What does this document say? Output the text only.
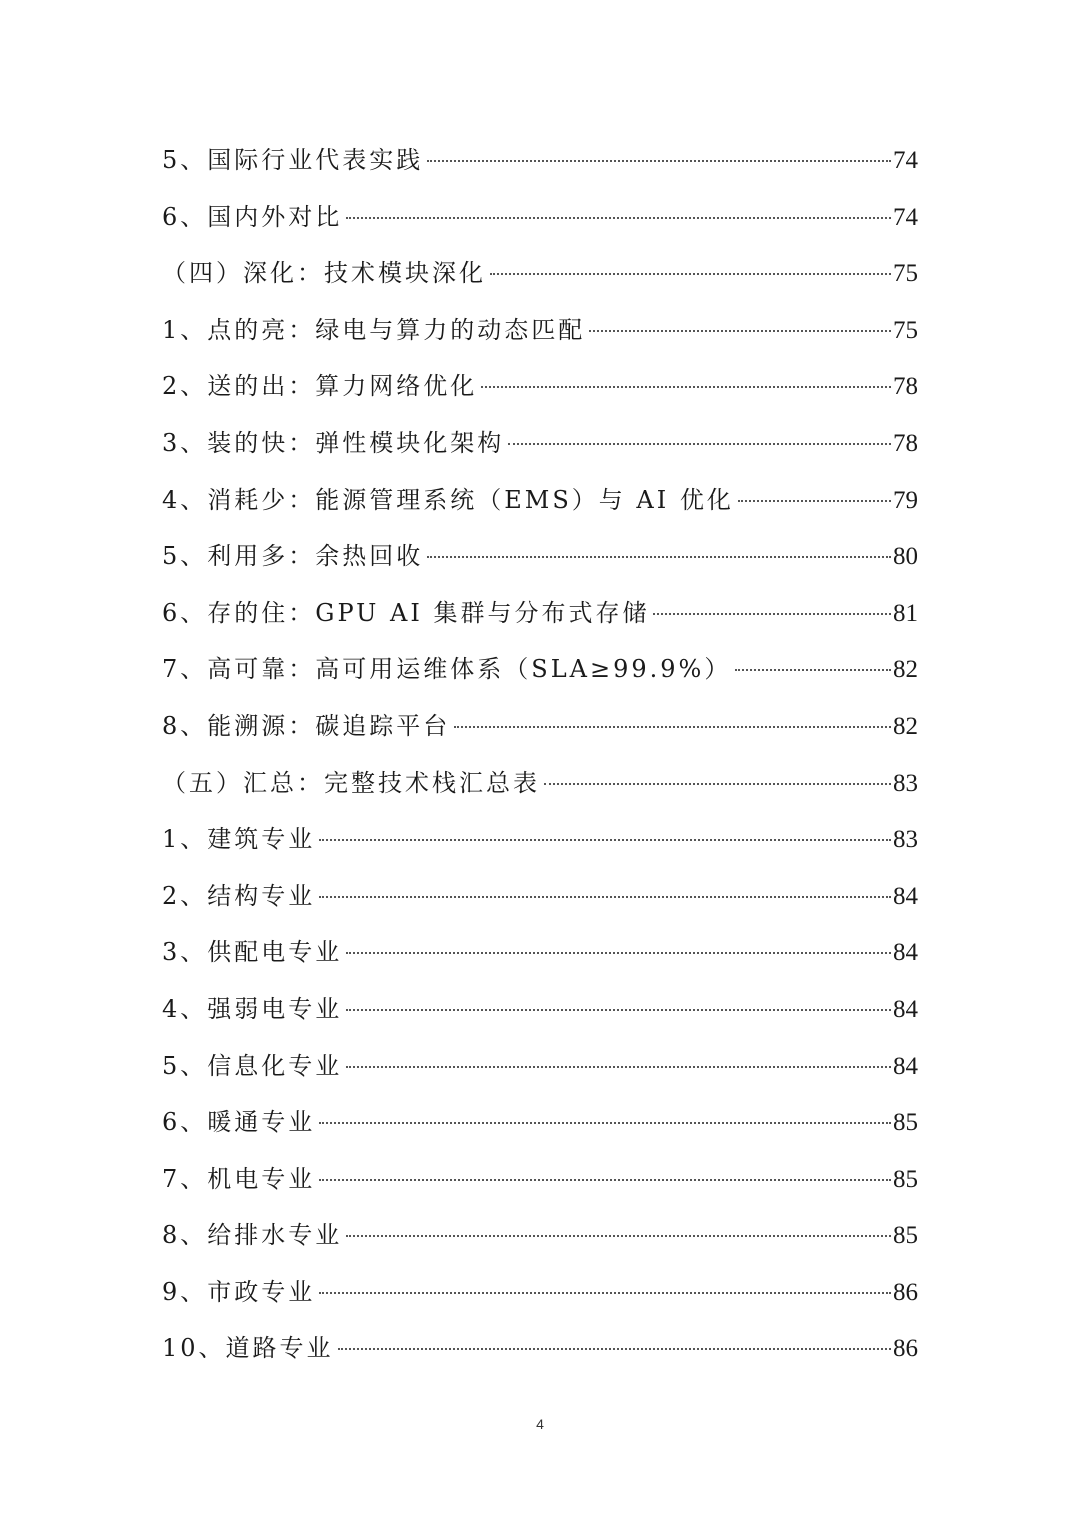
5、国际行业代表实践	74
6、国内外对比	74
（四）深化：技术模块深化	75
1、点的亮：绿电与算力的动态匹配	75
2、送的出：算力网络优化	78
3、装的快：弹性模块化架构	78
4、消耗少：能源管理系统（EMS）与 AI 优化	79
5、利用多：余热回收	80
6、存的住：GPU AI 集群与分布式存储	81
7、高可靠：高可用运维体系（SLA≥99.9%）	82
8、能溯源：碳追踪平台	82
（五）汇总：完整技术栈汇总表	83
1、建筑专业	83
2、结构专业	84
3、供配电专业	84
4、强弱电专业	84
5、信息化专业	84
6、暖通专业	85
7、机电专业	85
8、给排水专业	85
9、市政专业	86
10、道路专业	86
4
